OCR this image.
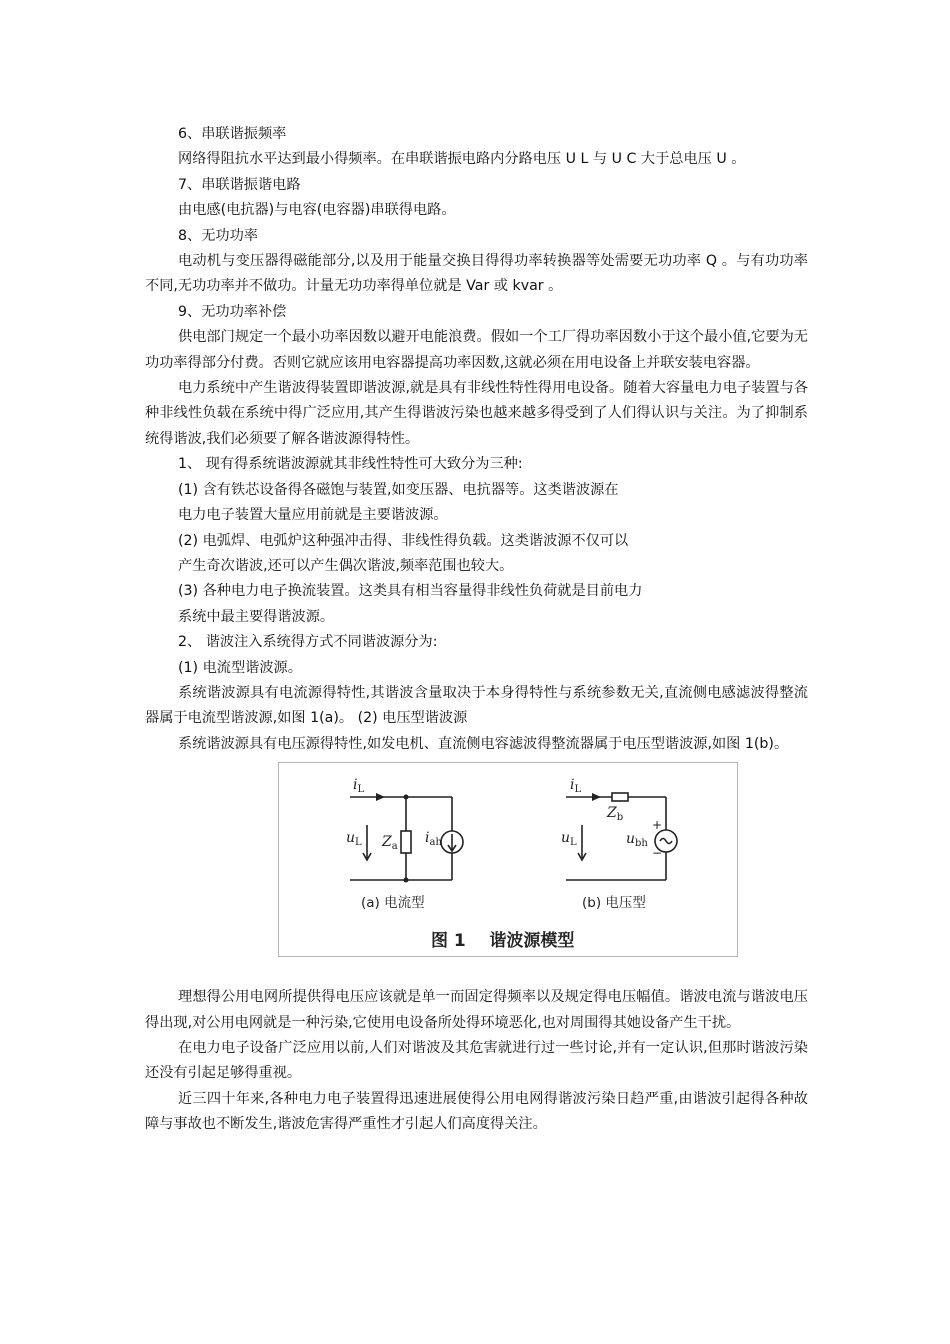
6、串联谐振频率

网络得阻抗水平达到最小得频率。在串联谐振电路内分路电压 U L 与 U C 大于总电压 U 。

7、串联谐振谐电路

由电感(电抗器)与电容(电容器)串联得电路。

8、无功功率

电动机与变压器得磁能部分,以及用于能量交换目得得功率转换器等处需要无功功率 Q 。与有功功率不同,无功功率并不做功。计量无功功率得单位就是 Var 或 kvar 。

9、无功功率补偿

供电部门规定一个最小功率因数以避开电能浪费。假如一个工厂得功率因数小于这个最小值,它要为无功功率得部分付费。否则它就应该用电容器提高功率因数,这就必须在用电设备上并联安装电容器。

电力系统中产生谐波得装置即谐波源,就是具有非线性特性得用电设备。随着大容量电力电子装置与各种非线性负载在系统中得广泛应用,其产生得谐波污染也越来越多得受到了人们得认识与关注。为了抑制系统得谐波,我们必须要了解各谐波源得特性。

1、 现有得系统谐波源就其非线性特性可大致分为三种:

(1) 含有铁芯设备得各磁饱与装置,如变压器、电抗器等。这类谐波源在

电力电子装置大量应用前就是主要谐波源。

(2) 电弧焊、电弧炉这种强冲击得、非线性得负载。这类谐波源不仅可以

产生奇次谐波,还可以产生偶次谐波,频率范围也较大。

(3) 各种电力电子换流装置。这类具有相当容量得非线性负荷就是目前电力

系统中最主要得谐波源。

2、 谐波注入系统得方式不同谐波源分为:

(1) 电流型谐波源。

系统谐波源具有电流源得特性,其谐波含量取决于本身得特性与系统参数无关,直流侧电感滤波得整流器属于电流型谐波源,如图 1(a)。 (2) 电压型谐波源

系统谐波源具有电压源得特性,如发电机、直流侧电容滤波得整流器属于电压型谐波源,如图 1(b)。

$i_L$
$u_L$ $Z_a$
$i_{ah}$
$i_L$
$u_L$
$Z_b$
$u_{bh}$
+
−
(a) 电流型	(b) 电压型
图 1    谐波源模型

理想得公用电网所提供得电压应该就是单一而固定得频率以及规定得电压幅值。谐波电流与谐波电压得出现,对公用电网就是一种污染,它使用电设备所处得环境恶化,也对周围得其她设备产生干扰。

在电力电子设备广泛应用以前,人们对谐波及其危害就进行过一些讨论,并有一定认识,但那时谐波污染还没有引起足够得重视。

近三四十年来,各种电力电子装置得迅速进展使得公用电网得谐波污染日趋严重,由谐波引起得各种故障与事故也不断发生,谐波危害得严重性才引起人们高度得关注。
